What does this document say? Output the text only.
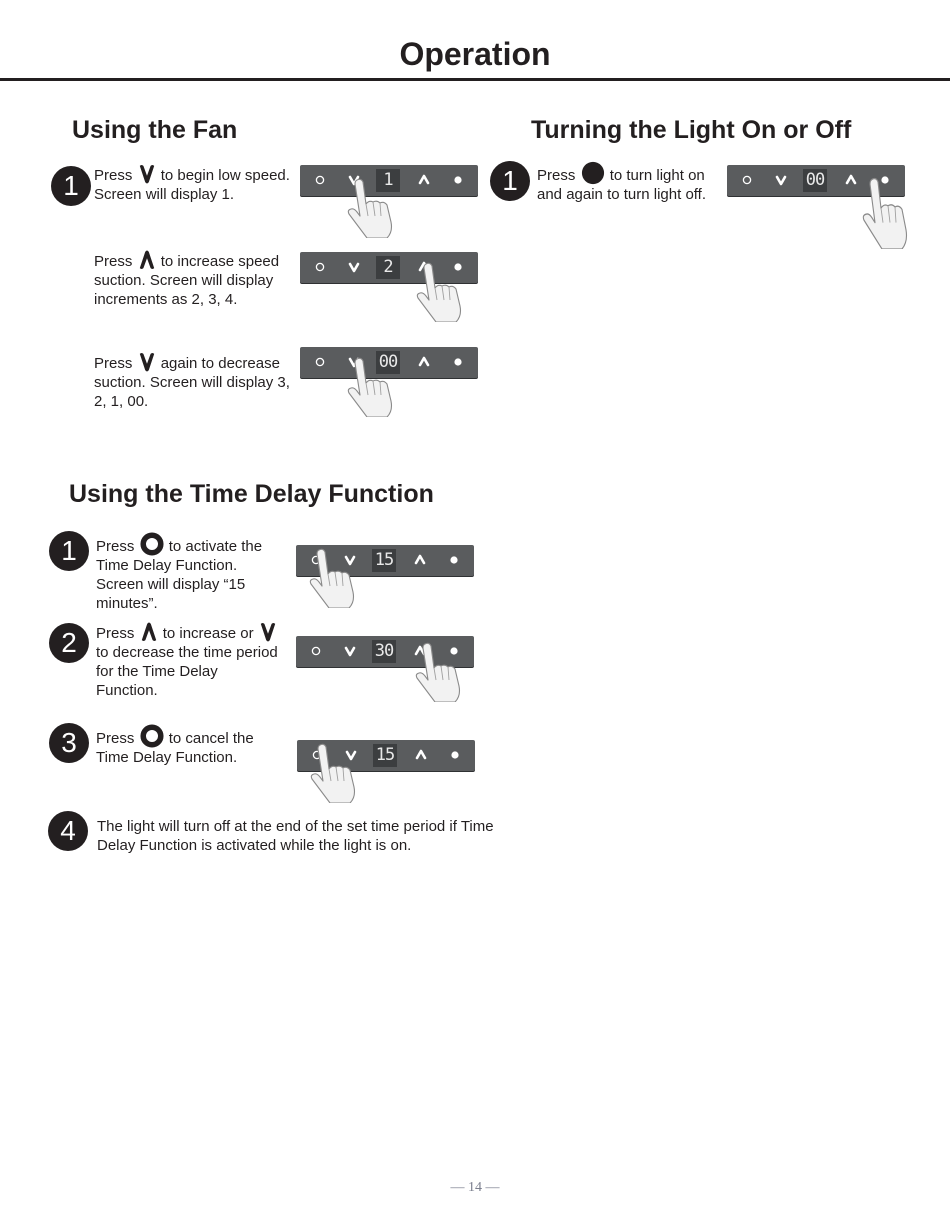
Operation
Using the Fan
1	Press to begin low speed. Screen will display 1.

1

Press to increase speed suction. Screen will display increments as 2, 3, 4.

2

Press again to decrease suction. Screen will display 3, 2, 1, 00.

00
Turning the Light On or Off
1	Press to turn light on and again to turn light off.

00
Using the Time Delay Function
1	Press to activate the Time Delay Function. Screen will display “15 minutes”.

15
2	Press to increase or  to decrease the time period for the Time Delay Function.

30
3	Press to cancel the Time Delay Function.	15
4	The light will turn off at the end of the set time period if Time Delay Function is activated while the light is on.

— 14 —
